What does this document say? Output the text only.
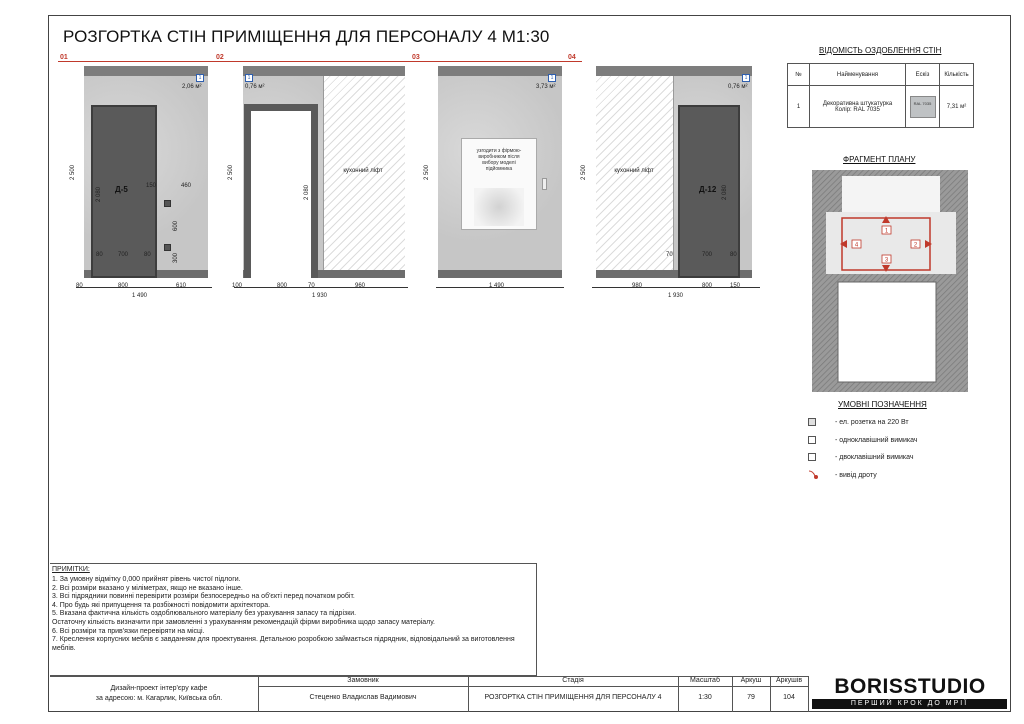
РОЗГОРТКА СТІН ПРИМІЩЕННЯ ДЛЯ ПЕРСОНАЛУ 4 М1:30
01	02	03	04
Д-5
1
2,06 м²
150	460
600
300
80	700	80
2 080
2 500
80	800	610
1 490
1
0,76 м²
кухонний ліфт
2 080
2 500
100	800	70	960
1 930
узгодити з фірмою-виробником після вибору моделі підйомника
1
3,73 м²
2 500
1 490
Д-12
1
0,76 м²
кухонний ліфт
70	700	80
2 080
2 500
980	800	150
1 930
ВІДОМІСТЬ ОЗДОБЛЕННЯ СТІН
№	Найменування	Ескіз	Кількість
1	Декоративна штукатурка
Колір: RAL 7035	RAL 7035	7,31 м²
ФРАГМЕНТ ПЛАНУ
1
2
3
4
УМОВНІ ПОЗНАЧЕННЯ
- ел. розетка на 220 Вт
- одноклавішний вимикач
- двоклавішний вимикач
- вивід дроту
ПРИМІТКИ:
1. За умовну відмітку 0,000 прийнят рівень чистої підлоги.
2. Всі розміри вказано у міліметрах, якщо не вказано інше.
3. Всі підрядники повинні перевірити розміри безпосередньо на об'єкті перед початком робіт.
4. Про будь які припущення та розбіжності повідомити архітектора.
5. Вказана фактична кількість оздоблювального матеріалу без урахування запасу та підрізки.
Остаточну кількість визначити при замовленні з урахуванням рекомендацій фірми виробника щодо запасу матеріалу.
6. Всі розміри та прив'язки перевіряти на місці.
7. Креслення корпусних меблів є завданням для проектування. Детальною розробкою займається підрядник, відповідальний за виготовлення меблів.
Дизайн-проект інтер'єру кафе
за адресою: м. Кагарлик, Київська обл.
Замовник
Стеценко Владислав Вадимович
Стадія
РОЗГОРТКА СТІН ПРИМІЩЕННЯ ДЛЯ ПЕРСОНАЛУ 4
Масштаб
1:30
Аркуш
79
Аркушів
104	BORISSTUDIO
ПЕРШИЙ КРОК ДО МРІЇ
